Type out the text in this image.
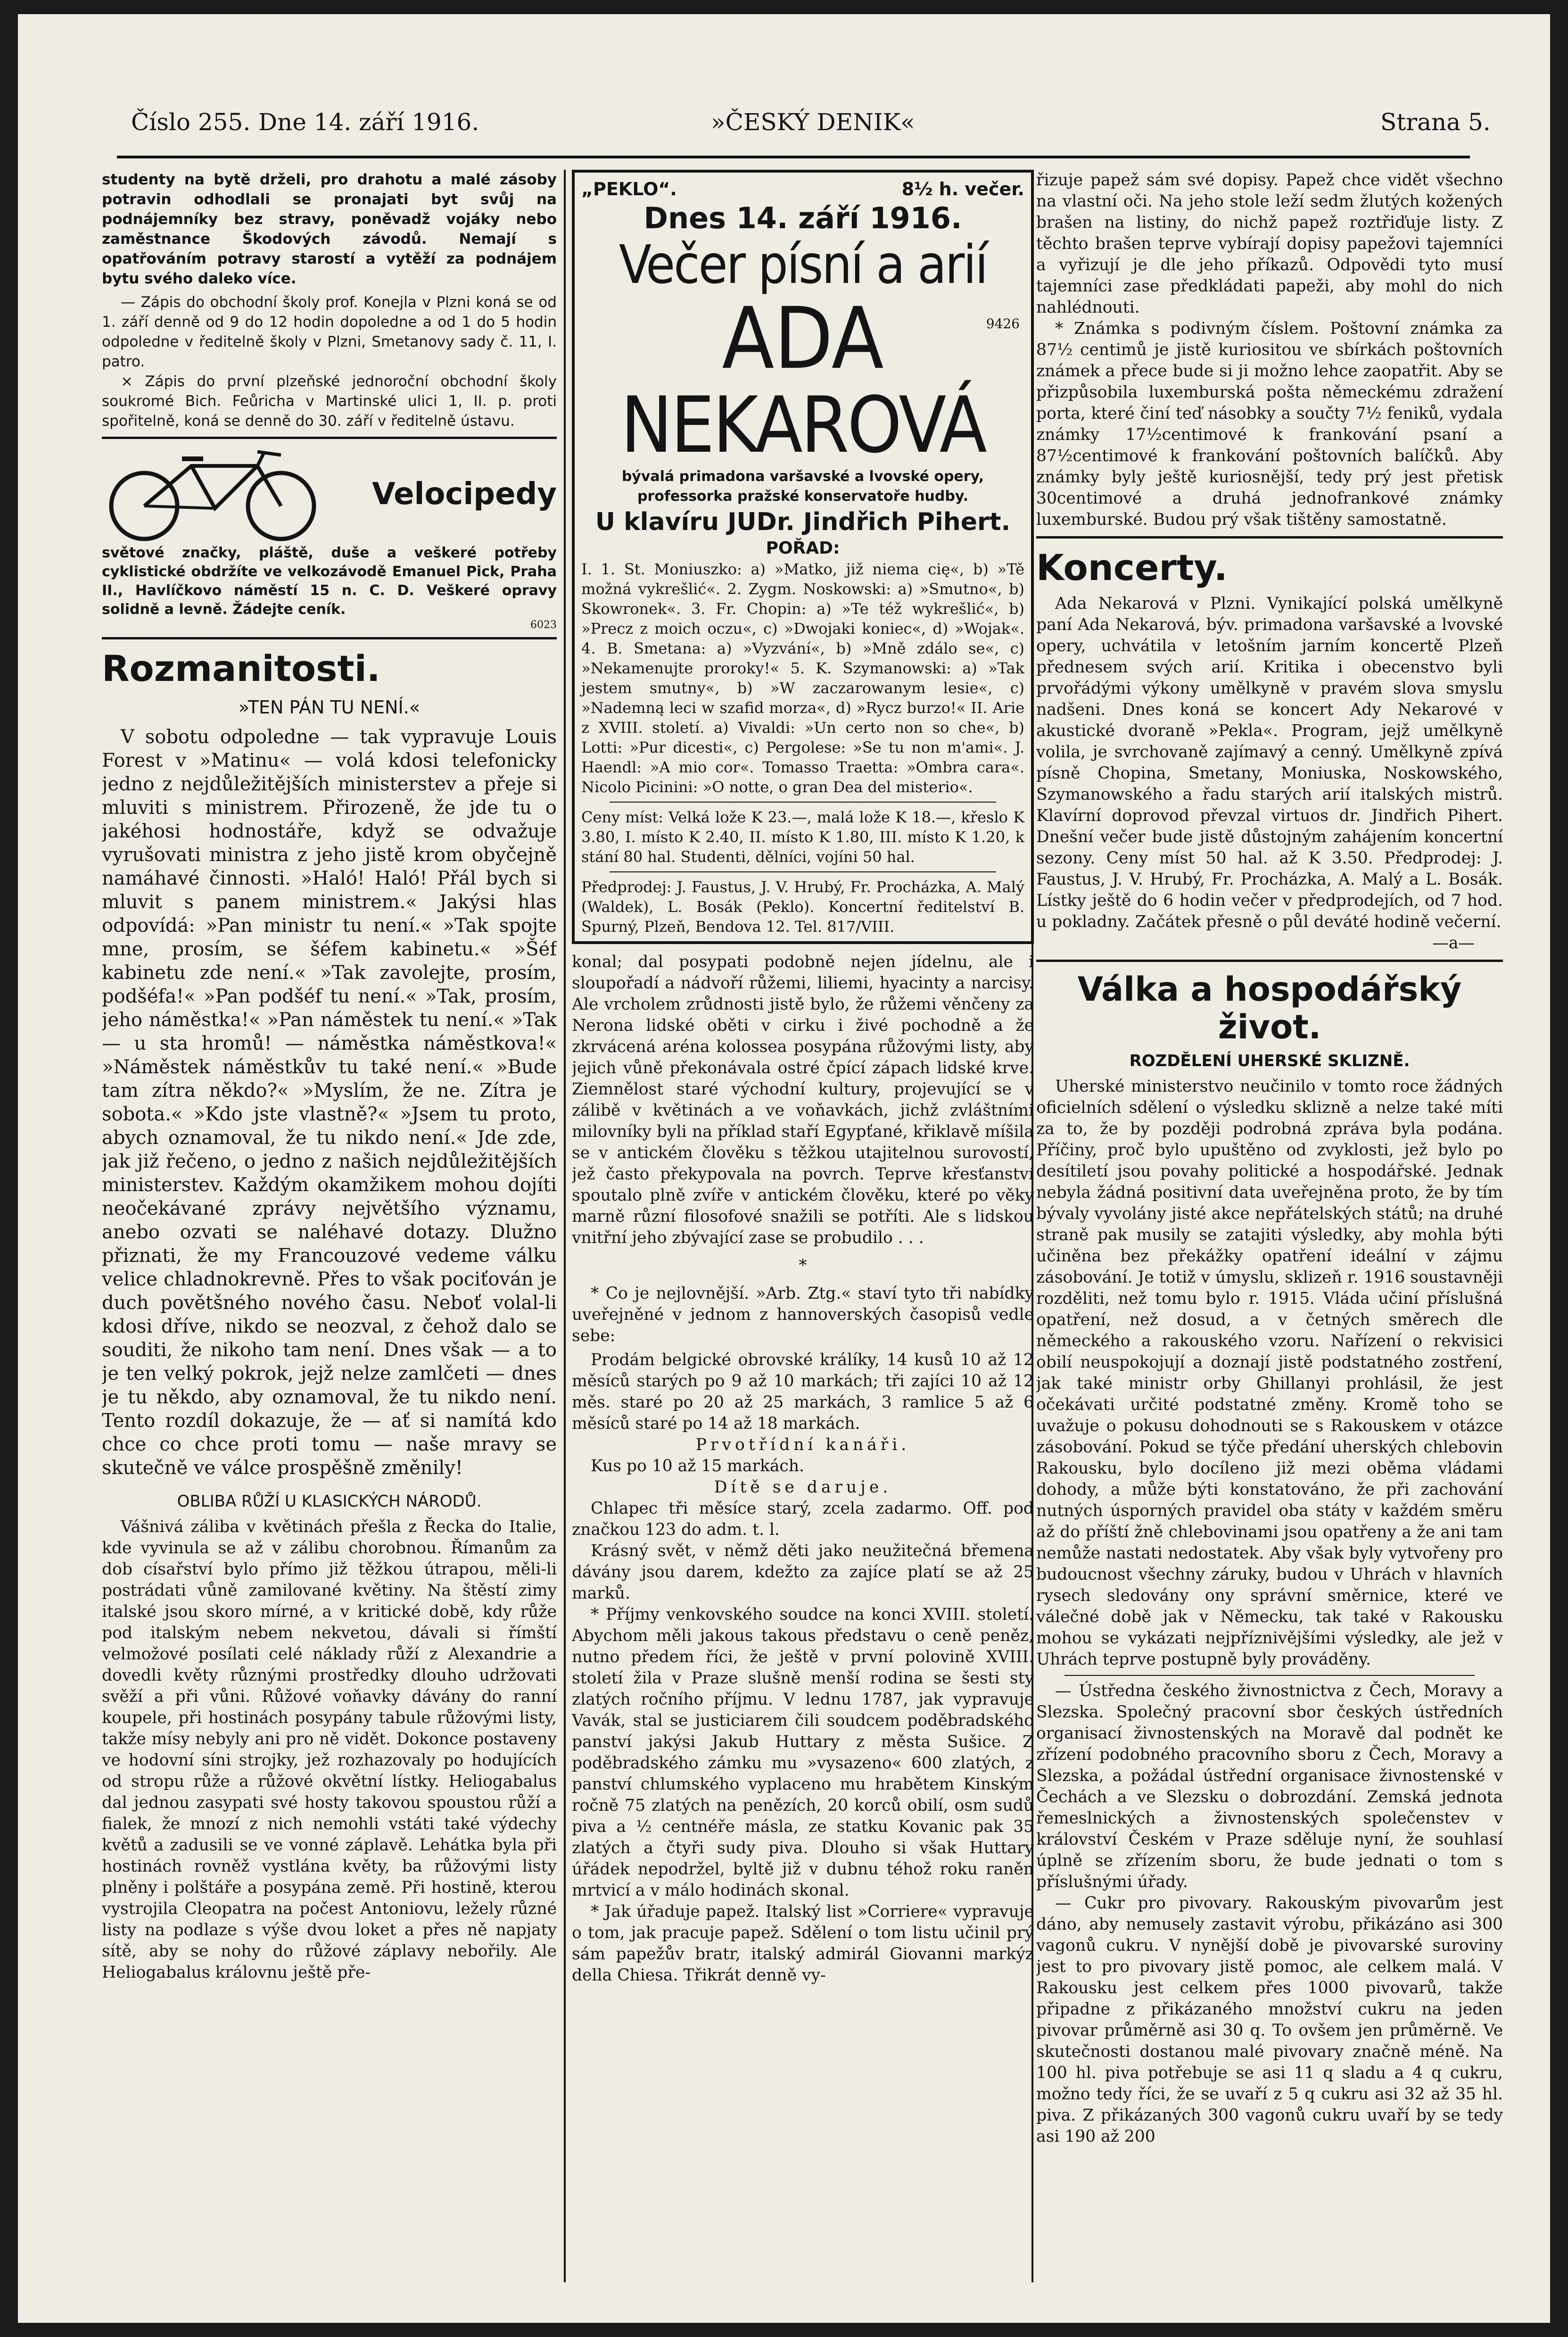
Číslo 255. Dne 14. září 1916.	»ČESKÝ DENIK«	Strana 5.

studenty na bytě drželi, pro drahotu a malé zásoby potravin odhodlali se pronajati byt svůj na podnájemníky bez stravy, poněvadž vojáky nebo zaměstnance Škodových závodů. Nemají s opatřováním potravy starostí a vytěží za podnájem bytu svého daleko více.

— Zápis do obchodní školy prof. Konejla v Plzni koná se od 1. září denně od 9 do 12 hodin dopoledne a od 1 do 5 hodin odpoledne v ředitelně školy v Plzni, Smetanovy sady č. 11, I. patro.

× Zápis do první plzeňské jednoroční obchodní školy soukromé Bich. Feůricha v Martinské ulici 1, II. p. proti spořitelně, koná se denně do 30. září v ředitelně ústavu.

Velocipedy

světové značky, pláště, duše a veškeré potřeby cyklistické obdržíte ve velkozávodě Emanuel Pick, Praha II., Havlíčkovo náměstí 15 n. C. D. Veškeré opravy solidně a levně. Žádejte ceník.

6023

Rozmanitosti.
»TEN PÁN TU NENÍ.«

V sobotu odpoledne — tak vypravuje Louis Forest v »Matinu« — volá kdosi telefonicky jedno z nejdůležitějších ministerstev a přeje si mluviti s ministrem. Přirozeně, že jde tu o jakéhosi hodnostáře, když se odvažuje vyrušovati ministra z jeho jistě krom obyčejně namáhavé činnosti. »Haló! Haló! Přál bych si mluvit s panem ministrem.« Jakýsi hlas odpovídá: »Pan ministr tu není.« »Tak spojte mne, prosím, se šéfem kabinetu.« »Šéf kabinetu zde není.« »Tak zavolejte, prosím, podšéfa!« »Pan podšéf tu není.« »Tak, prosím, jeho náměstka!« »Pan náměstek tu není.« »Tak — u sta hromů! — náměstka náměstkova!« »Náměstek náměstkův tu také není.« »Bude tam zítra někdo?« »Myslím, že ne. Zítra je sobota.« »Kdo jste vlastně?« »Jsem tu proto, abych oznamoval, že tu nikdo není.« Jde zde, jak již řečeno, o jedno z našich nejdůležitějších ministerstev. Každým okamžikem mohou dojíti neočekávané zprávy největšího významu, anebo ozvati se naléhavé dotazy. Dlužno přiznati, že my Francouzové vedeme válku velice chladnokrevně. Přes to však pociťován je duch povětšného nového času. Neboť volal-li kdosi dříve, nikdo se neozval, z čehož dalo se souditi, že nikoho tam není. Dnes však — a to je ten velký pokrok, jejž nelze zamlčeti — dnes je tu někdo, aby oznamoval, že tu nikdo není. Tento rozdíl dokazuje, že — ať si namítá kdo chce co chce proti tomu — naše mravy se skutečně ve válce prospěšně změnily!

OBLIBA RŮŽÍ U KLASICKÝCH NÁRODŮ.

Vášnivá záliba v květinách přešla z Řecka do Italie, kde vyvinula se až v zálibu chorobnou. Římanům za dob císařství bylo přímo již těžkou útrapou, měli-li postrádati vůně zamilované květiny. Na štěstí zimy italské jsou skoro mírné, a v kritické době, kdy růže pod italským nebem nekvetou, dávali si římští velmožové posílati celé náklady růží z Alexandrie a dovedli květy různými prostředky dlouho udržovati svěží a při vůni. Růžové voňavky dávány do ranní koupele, při hostinách posypány tabule růžovými listy, takže mísy nebyly ani pro ně vidět. Dokonce postaveny ve hodovní síni strojky, jež rozhazovaly po hodujících od stropu růže a růžové okvětní lístky. Heliogabalus dal jednou zasypati své hosty takovou spoustou růží a fialek, že mnozí z nich nemohli vstáti také výdechy květů a zadusili se ve vonné záplavě. Lehátka byla při hostinách rovněž vystlána květy, ba růžovými listy plněny i polštáře a posypána země. Při hostině, kterou vystrojila Cleopatra na počest Antoniovu, ležely různé listy na podlaze s výše dvou loket a přes ně napjaty sítě, aby se nohy do růžové záplavy nebořily. Ale Heliogabalus královnu ještě pře-

„PEKLO“.	8½ h. večer.
Dnes 14. září 1916.
Večer písní a arií
ADA	9426
NEKAROVÁ
bývalá primadona varšavské a lvovské opery,
professorka pražské konservatoře hudby.
U klavíru JUDr. Jindřich Pihert.
POŘAD:

I. 1. St. Moniuszko: a) »Matko, již niema cię«, b) »Tě možná vykrešlić«. 2. Zygm. Noskowski: a) »Smutno«, b) Skowronek«. 3. Fr. Chopin: a) »Te též wykrešlić«, b) »Precz z moich oczu«, c) »Dwojaki koniec«, d) »Wojak«. 4. B. Smetana: a) »Vyzvání«, b) »Mně zdálo se«, c) »Nekamenujte proroky!« 5. K. Szymanowski: a) »Tak jestem smutny«, b) »W zaczarowanym lesie«, c) »Nademną leci w szafid morza«, d) »Rycz burzo!« II. Arie z XVIII. století. a) Vivaldi: »Un certo non so che«, b) Lotti: »Pur dicesti«, c) Pergolese: »Se tu non m'ami«. J. Haendl: »A mio cor«. Tomasso Traetta: »Ombra cara«. Nicolo Picinini: »O notte, o gran Dea del misterio«.

Ceny míst: Velká lože K 23.—, malá lože K 18.—, křeslo K 3.80, I. místo K 2.40, II. místo K 1.80, III. místo K 1.20, k stání 80 hal. Studenti, dělníci, vojíni 50 hal.

Předprodej: J. Faustus, J. V. Hrubý, Fr. Procházka, A. Malý (Waldek), L. Bosák (Peklo). Koncertní ředitelství B. Spurný, Plzeň, Bendova 12. Tel. 817/VIII.

konal; dal posypati podobně nejen jídelnu, ale i sloupořadí a nádvoří růžemi, liliemi, hyacinty a narcisy. Ale vrcholem zrůdnosti jistě bylo, že růžemi věnčeny za Nerona lidské oběti v cirku i živé pochodně a že zkrvácená aréna kolossea posypána růžovými listy, aby jejich vůně překonávala ostré čpící zápach lidské krve. Ziemnělost staré východní kultury, projevující se v zálibě v květinách a ve voňavkách, jichž zvláštními milovníky byli na příklad staří Egypťané, křiklavě míšila se v antickém člověku s těžkou utajitelnou surovostí, jež často překypovala na povrch. Teprve křesťanství spoutalo plně zvíře v antickém člověku, které po věky marně různí filosofové snažili se potříti. Ale s lidskou vnitřní jeho zbývající zase se probudilo . . .

*

* Co je nejlovnější. »Arb. Ztg.« staví tyto tři nabídky uveřejněné v jednom z hannoverských časopisů vedle sebe:

Prodám belgické obrovské králíky, 14 kusů 10 až 12 měsíců starých po 9 až 10 markách; tři zajíci 10 až 12 měs. staré po 20 až 25 markách, 3 ramlice 5 až 6 měsíců staré po 14 až 18 markách.

Prvotřídní kanáři.

Kus po 10 až 15 markách.

Dítě se daruje.

Chlapec tři měsíce starý, zcela zadarmo. Off. pod značkou 123 do adm. t. l.

Krásný svět, v němž děti jako neužitečná břemena dávány jsou darem, kdežto za zajíce platí se až 25 marků.

* Příjmy venkovského soudce na konci XVIII. století. Abychom měli jakous takous představu o ceně peněz, nutno předem říci, že ještě v první polovině XVIII. století žila v Praze slušně menší rodina se šesti sty zlatých ročního příjmu. V lednu 1787, jak vypravuje Vavák, stal se justiciarem čili soudcem poděbradského panství jakýsi Jakub Huttary z města Sušice. Z poděbradského zámku mu »vysazeno« 600 zlatých, z panství chlumského vyplaceno mu hrabětem Kinským ročně 75 zlatých na penězích, 20 korců obilí, osm sudů piva a ½ centnéře másla, ze statku Kovanic pak 35 zlatých a čtyři sudy piva. Dlouho si však Huttary úřádek nepodržel, byltě již v dubnu téhož roku raněn mrtvicí a v málo hodinách skonal.

* Jak úřaduje papež. Italský list »Corriere« vypravuje o tom, jak pracuje papež. Sdělení o tom listu učinil prý sám papežův bratr, italský admirál Giovanni markýz della Chiesa. Třikrát denně vy-

řizuje papež sám své dopisy. Papež chce vidět všechno na vlastní oči. Na jeho stole leží sedm žlutých kožených brašen na listiny, do nichž papež roztřiďuje listy. Z těchto brašen teprve vybírají dopisy papežovi tajemníci a vyřizují je dle jeho příkazů. Odpovědi tyto musí tajemníci zase předkládati papeži, aby mohl do nich nahlédnouti.

* Známka s podivným číslem. Poštovní známka za 87½ centimů je jistě kuriositou ve sbírkách poštovních známek a přece bude si ji možno lehce zaopatřit. Aby se přizpůsobila luxemburská pošta německému zdražení porta, které činí teď násobky a součty 7½ feniků, vydala známky 17½centimové k frankování psaní a 87½centimové k frankování poštovních balíčků. Aby známky byly ještě kuriosnější, tedy prý jest přetisk 30centimové a druhá jednofrankové známky luxemburské. Budou prý však tištěny samostatně.

Koncerty.

Ada Nekarová v Plzni. Vynikající polská umělkyně paní Ada Nekarová, býv. primadona varšavské a lvovské opery, uchvátila v letošním jarním koncertě Plzeň přednesem svých arií. Kritika i obecenstvo byli prvořádými výkony umělkyně v pravém slova smyslu nadšeni. Dnes koná se koncert Ady Nekarové v akustické dvoraně »Pekla«. Program, jejž umělkyně volila, je svrchovaně zajímavý a cenný. Umělkyně zpívá písně Chopina, Smetany, Moniuska, Noskowského, Szymanowského a řadu starých arií italských mistrů. Klavírní doprovod převzal virtuos dr. Jindřich Pihert. Dnešní večer bude jistě důstojným zahájením koncertní sezony. Ceny míst 50 hal. až K 3.50. Předprodej: J. Faustus, J. V. Hrubý, Fr. Procházka, A. Malý a L. Bosák. Lístky ještě do 6 hodin večer v předprodejích, od 7 hod. u pokladny. Začátek přesně o půl deváté hodině večerní.

—a—

Válka a hospodářský život.
ROZDĚLENÍ UHERSKÉ SKLIZNĚ.

Uherské ministerstvo neučinilo v tomto roce žádných oficielních sdělení o výsledku sklizně a nelze také míti za to, že by později podrobná zpráva byla podána. Příčiny, proč bylo upuštěno od zvyklosti, jež bylo po desítiletí jsou povahy politické a hospodářské. Jednak nebyla žádná positivní data uveřejněna proto, že by tím bývaly vyvolány jisté akce nepřátelských států; na druhé straně pak musily se zatajiti výsledky, aby mohla býti učiněna bez překážky opatření ideální v zájmu zásobování. Je totiž v úmyslu, sklizeň r. 1916 soustavněji rozděliti, než tomu bylo r. 1915. Vláda učiní příslušná opatření, než dosud, a v četných směrech dle německého a rakouského vzoru. Nařízení o rekvisici obilí neuspokojují a doznají jistě podstatného zostření, jak také ministr orby Ghillanyi prohlásil, že jest očekávati určité podstatné změny. Kromě toho se uvažuje o pokusu dohodnouti se s Rakouskem v otázce zásobování. Pokud se týče předání uherských chlebovin Rakousku, bylo docíleno již mezi oběma vládami dohody, a může býti konstatováno, že při zachování nutných úsporných pravidel oba státy v každém směru až do příští žně chlebovinami jsou opatřeny a že ani tam nemůže nastati nedostatek. Aby však byly vytvořeny pro budoucnost všechny záruky, budou v Uhrách v hlavních rysech sledovány ony správní směrnice, které ve válečné době jak v Německu, tak také v Rakousku mohou se vykázati nejpříznivějšími výsledky, ale jež v Uhrách teprve postupně byly prováděny.

— Ústředna českého živnostnictva z Čech, Moravy a Slezska. Společný pracovní sbor českých ústředních organisací živnostenských na Moravě dal podnět ke zřízení podobného pracovního sboru z Čech, Moravy a Slezska, a požádal ústřední organisace živnostenské v Čechách a ve Slezsku o dobrozdání. Zemská jednota řemeslnických a živnostenských společenstev v království Českém v Praze sděluje nyní, že souhlasí úplně se zřízením sboru, že bude jednati o tom s příslušnými úřady.

— Cukr pro pivovary. Rakouským pivovarům jest dáno, aby nemusely zastavit výrobu, přikázáno asi 300 vagonů cukru. V nynější době je pivovarské suroviny jest to pro pivovary jistě pomoc, ale celkem malá. V Rakousku jest celkem přes 1000 pivovarů, takže připadne z přikázaného množství cukru na jeden pivovar průměrně asi 30 q. To ovšem jen průměrně. Ve skutečnosti dostanou malé pivovary značně méně. Na 100 hl. piva potřebuje se asi 11 q sladu a 4 q cukru, možno tedy říci, že se uvaří z 5 q cukru asi 32 až 35 hl. piva. Z přikázaných 300 vagonů cukru uvaří by se tedy asi 190 až 200
